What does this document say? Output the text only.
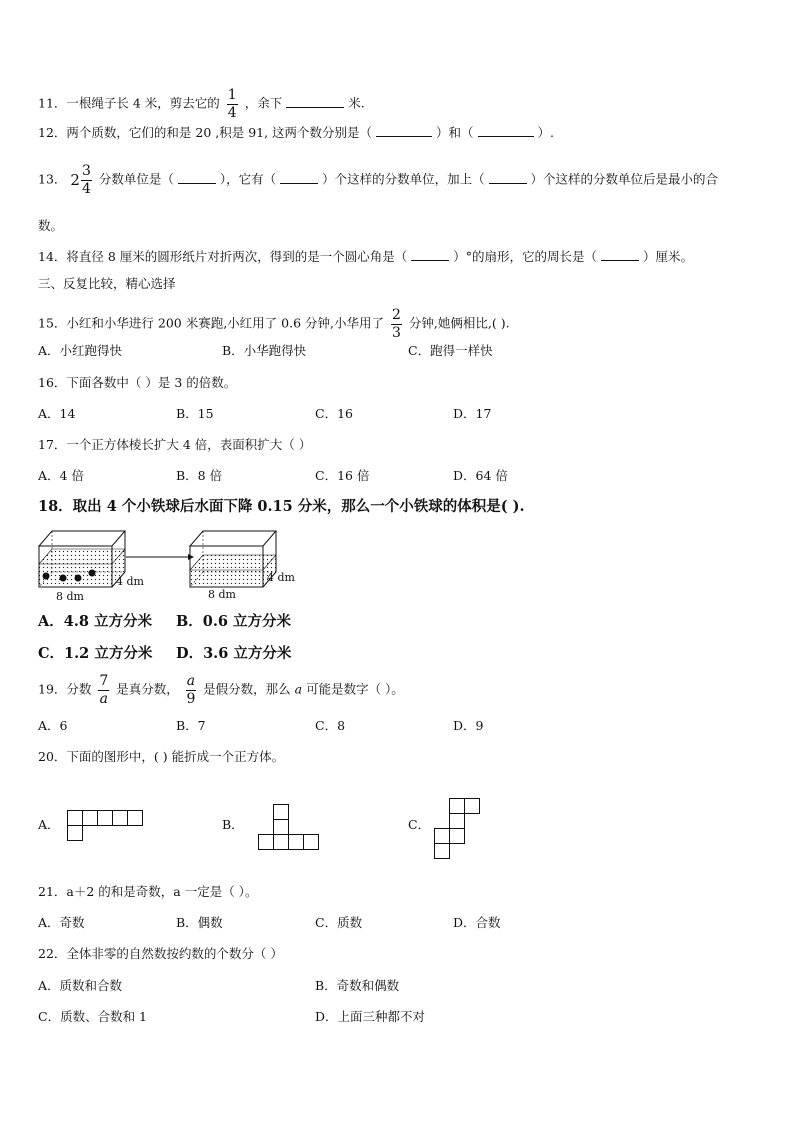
11．一根绳子长 4 米，剪去它的 $\frac{1}{4}$ ，余下	米.
12．两个质数，它们的和是 20 ,积是 91, 这两个数分别是（	）和（	）.
13． $2 \frac{3}{4}$ 分数单位是（	），它有（	）个这样的分数单位，加上（	）个这样的分数单位后是最小的合
数。
14．将直径 8 厘米的圆形纸片对折两次，得到的是一个圆心角是（	）°的扇形，它的周长是（	）厘米。
三、反复比较，精心选择
15．小红和小华进行 200 米赛跑,小红用了 0.6 分钟,小华用了 $\frac{2}{3}$ 分钟,她俩相比,( ).
A．小红跑得快	B．小华跑得快	C．跑得一样快
16．下面各数中（ ）是 3 的倍数。
A．14	B．15	C．16	D．17
17．一个正方体棱长扩大 4 倍，表面积扩大（ ）
A．4 倍	B．8 倍	C．16 倍	D．64 倍
18．取出 4 个小铁球后水面下降 0.15 分米，那么一个小铁球的体积是( ).
4 dm	4 dm
8 dm	8 dm
A．4.8 立方分米 B．0.6 立方分米
C．1.2 立方分米 D．3.6 立方分米
19．分数 $\frac{7}{a}$ 是真分数， $\frac{a}{9}$ 是假分数，那么 a 可能是数字（ ）。
A．6	B．7	C．8	D．9
20．下面的图形中，( ) 能折成一个正方体。
A．	B．	C．
21．a＋2 的和是奇数，a 一定是（ ）。
A．奇数	B．偶数	C．质数	D．合数
22．全体非零的自然数按约数的个数分（ ）
A．质数和合数	B．奇数和偶数
C．质数、合数和 1	D．上面三种都不对
